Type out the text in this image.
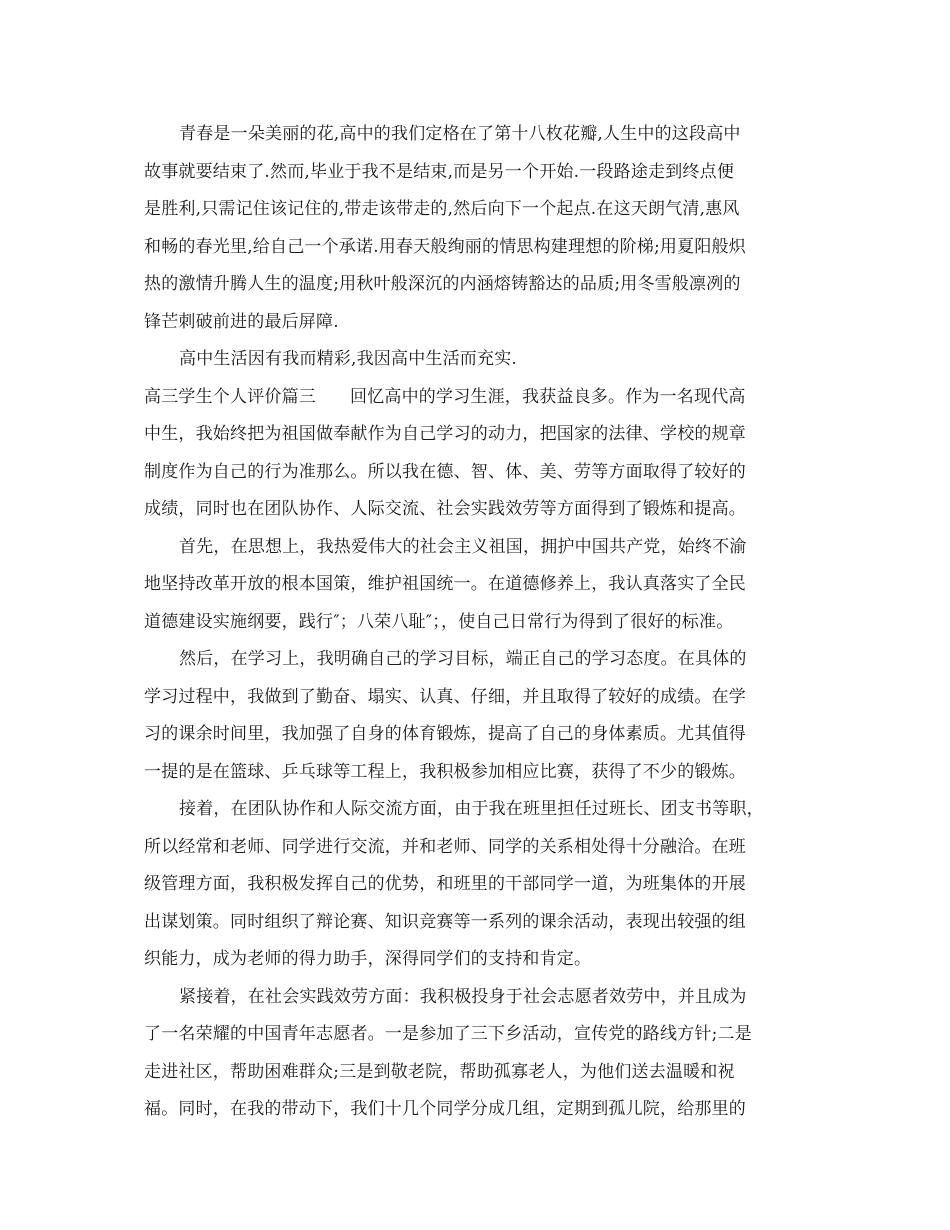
青春是一朵美丽的花,高中的我们定格在了第十八枚花瓣,人生中的这段高中
故事就要结束了.然而,毕业于我不是结束,而是另一个开始.一段路途走到终点便
是胜利,只需记住该记住的,带走该带走的,然后向下一个起点.在这天朗气清,惠风
和畅的春光里,给自己一个承诺.用春天般绚丽的情思构建理想的阶梯;用夏阳般炽
热的激情升腾人生的温度;用秋叶般深沉的内涵熔铸豁达的品质;用冬雪般凛冽的
锋芒刺破前进的最后屏障.
高中生活因有我而精彩,我因高中生活而充实.
高三学生个人评价篇三 回忆高中的学习生涯，我获益良多。作为一名现代高
中生，我始终把为祖国做奉献作为自己学习的动力，把国家的法律、学校的规章
制度作为自己的行为准那么。所以我在德、智、体、美、劳等方面取得了较好的
成绩，同时也在团队协作、人际交流、社会实践效劳等方面得到了锻炼和提高。
首先，在思想上，我热爱伟大的社会主义祖国，拥护中国共产党，始终不渝
地坚持改革开放的根本国策，维护祖国统一。在道德修养上，我认真落实了全民
道德建设实施纲要，践行″；八荣八耻″；，使自己日常行为得到了很好的标准。
然后，在学习上，我明确自己的学习目标，端正自己的学习态度。在具体的
学习过程中，我做到了勤奋、塌实、认真、仔细，并且取得了较好的成绩。在学
习的课余时间里，我加强了自身的体育锻炼，提高了自己的身体素质。尤其值得
一提的是在篮球、乒乓球等工程上，我积极参加相应比赛，获得了不少的锻炼。
接着，在团队协作和人际交流方面，由于我在班里担任过班长、团支书等职，
所以经常和老师、同学进行交流，并和老师、同学的关系相处得十分融洽。在班
级管理方面，我积极发挥自己的优势，和班里的干部同学一道，为班集体的开展
出谋划策。同时组织了辩论赛、知识竞赛等一系列的课余活动，表现出较强的组
织能力，成为老师的得力助手，深得同学们的支持和肯定。
紧接着，在社会实践效劳方面：我积极投身于社会志愿者效劳中，并且成为
了一名荣耀的中国青年志愿者。一是参加了三下乡活动，宣传党的路线方针;二是
走进社区，帮助困难群众;三是到敬老院，帮助孤寡老人，为他们送去温暖和祝
福。同时，在我的带动下，我们十几个同学分成几组，定期到孤儿院，给那里的
